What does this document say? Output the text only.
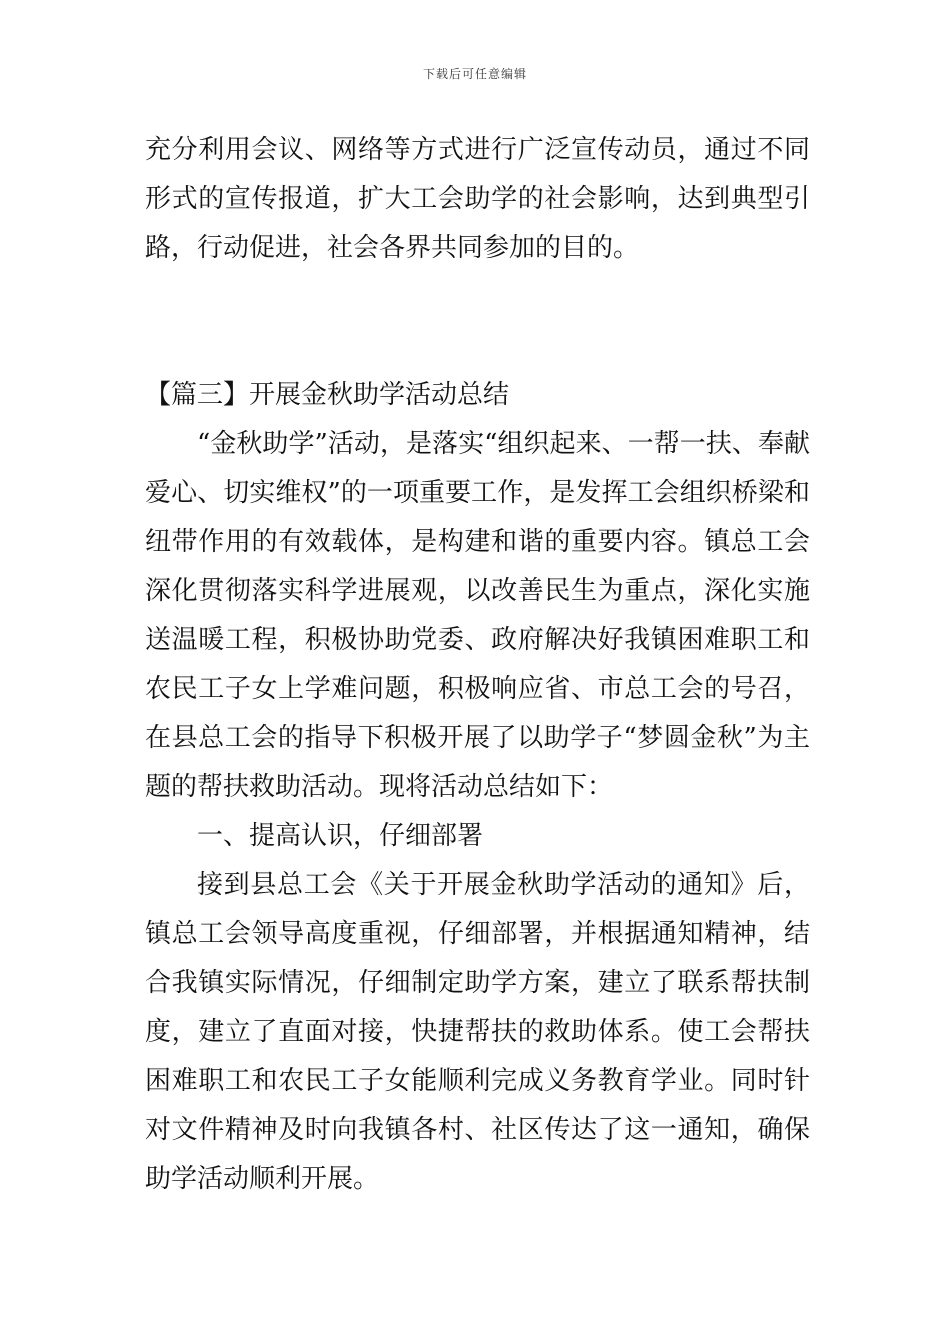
下载后可任意编辑

充分利用会议、网络等方式进行广泛宣传动员，通过不同形式的宣传报道，扩大工会助学的社会影响，达到典型引路，行动促进，社会各界共同参加的目的。

【篇三】开展金秋助学活动总结

“金秋助学”活动，是落实“组织起来、一帮一扶、奉献爱心、切实维权”的一项重要工作，是发挥工会组织桥梁和纽带作用的有效载体，是构建和谐的重要内容。镇总工会深化贯彻落实科学进展观，以改善民生为重点，深化实施送温暖工程，积极协助党委、政府解决好我镇困难职工和农民工子女上学难问题，积极响应省、市总工会的号召，在县总工会的指导下积极开展了以助学子“梦圆金秋”为主题的帮扶救助活动。现将活动总结如下：

一、提高认识，仔细部署

接到县总工会《关于开展金秋助学活动的通知》后，镇总工会领导高度重视，仔细部署，并根据通知精神，结合我镇实际情况，仔细制定助学方案，建立了联系帮扶制度，建立了直面对接，快捷帮扶的救助体系。使工会帮扶困难职工和农民工子女能顺利完成义务教育学业。同时针对文件精神及时向我镇各村、社区传达了这一通知，确保助学活动顺利开展。
